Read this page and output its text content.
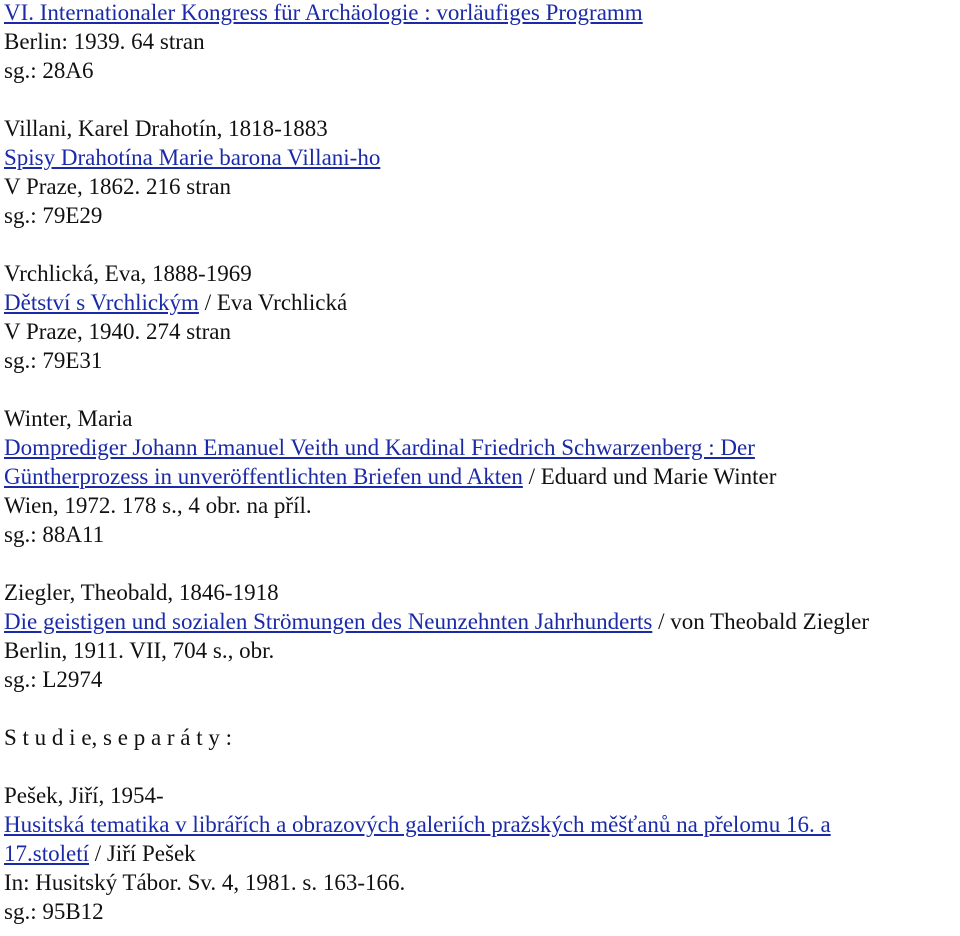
VI. Internationaler Kongress für Archäologie : vorläufiges Programm
Berlin: 1939. 64 stran
sg.: 28A6
Villani, Karel Drahotín, 1818-1883
Spisy Drahotína Marie barona Villani-ho
V Praze, 1862. 216 stran
sg.: 79E29
Vrchlická, Eva, 1888-1969
Dětství s Vrchlickým / Eva Vrchlická
V Praze, 1940. 274 stran
sg.: 79E31
Winter, Maria
Domprediger Johann Emanuel Veith und Kardinal Friedrich Schwarzenberg : Der
Güntherprozess in unveröffentlichten Briefen und Akten / Eduard und Marie Winter
Wien, 1972. 178 s., 4 obr. na příl.
sg.: 88A11
Ziegler, Theobald, 1846-1918
Die geistigen und sozialen Strömungen des Neunzehnten Jahrhunderts / von Theobald Ziegler
Berlin, 1911. VII, 704 s., obr.
sg.: L2974
S t u d i e, s e p a r á t y :
Pešek, Jiří, 1954-
Husitská tematika v librářích a obrazových galeriích pražských měšťanů na přelomu 16. a
17.století / Jiří Pešek
In: Husitský Tábor. Sv. 4, 1981. s. 163-166.
sg.: 95B12
